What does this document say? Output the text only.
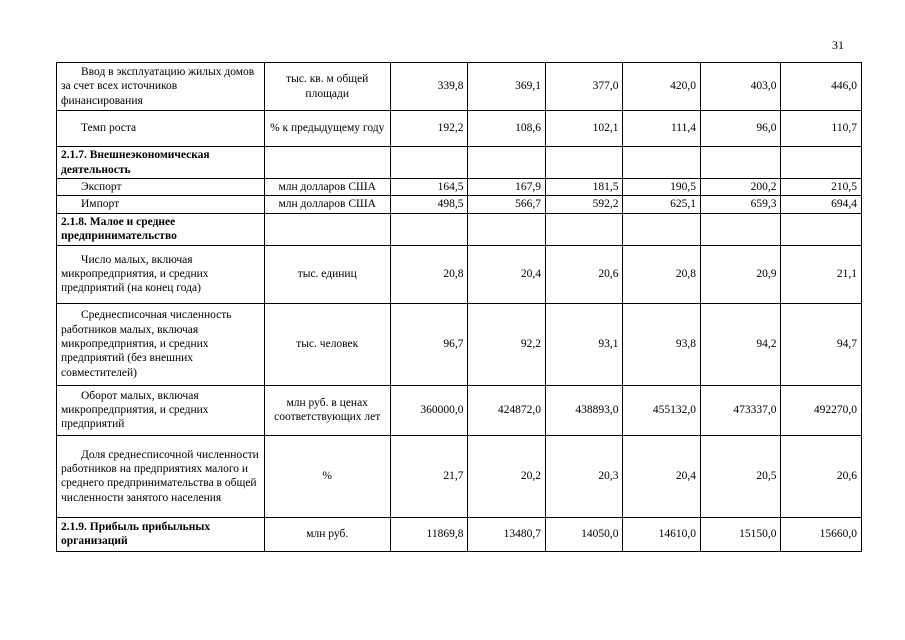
31
Ввод в эксплуатацию жилых домов за счет всех источников финансирования	тыс. кв. м общей площади	339,8	369,1	377,0	420,0	403,0	446,0

Темп роста	% к предыдущему году	192,2	108,6	102,1	111,4	96,0	110,7

2.1.7. Внешнеэкономическая деятельность							

Экспорт	млн долларов США	164,5	167,9	181,5	190,5	200,2	210,5

Импорт	млн долларов США	498,5	566,7	592,2	625,1	659,3	694,4

2.1.8. Малое и среднее предпринимательство							

Число малых, включая микропредприятия, и средних предприятий (на конец года)	тыс. единиц	20,8	20,4	20,6	20,8	20,9	21,1

Среднесписочная численность работников малых, включая микропредприятия, и средних предприятий (без внешних совместителей)	тыс. человек	96,7	92,2	93,1	93,8	94,2	94,7

Оборот малых, включая микропредприятия, и средних предприятий	млн руб. в ценах соответствующих лет	360000,0	424872,0	438893,0	455132,0	473337,0	492270,0

Доля среднесписочной численности работников на предприятиях малого и среднего предпринимательства в общей численности занятого населения	%	21,7	20,2	20,3	20,4	20,5	20,6

2.1.9. Прибыль прибыльных организаций	млн руб.	11869,8	13480,7	14050,0	14610,0	15150,0	15660,0
